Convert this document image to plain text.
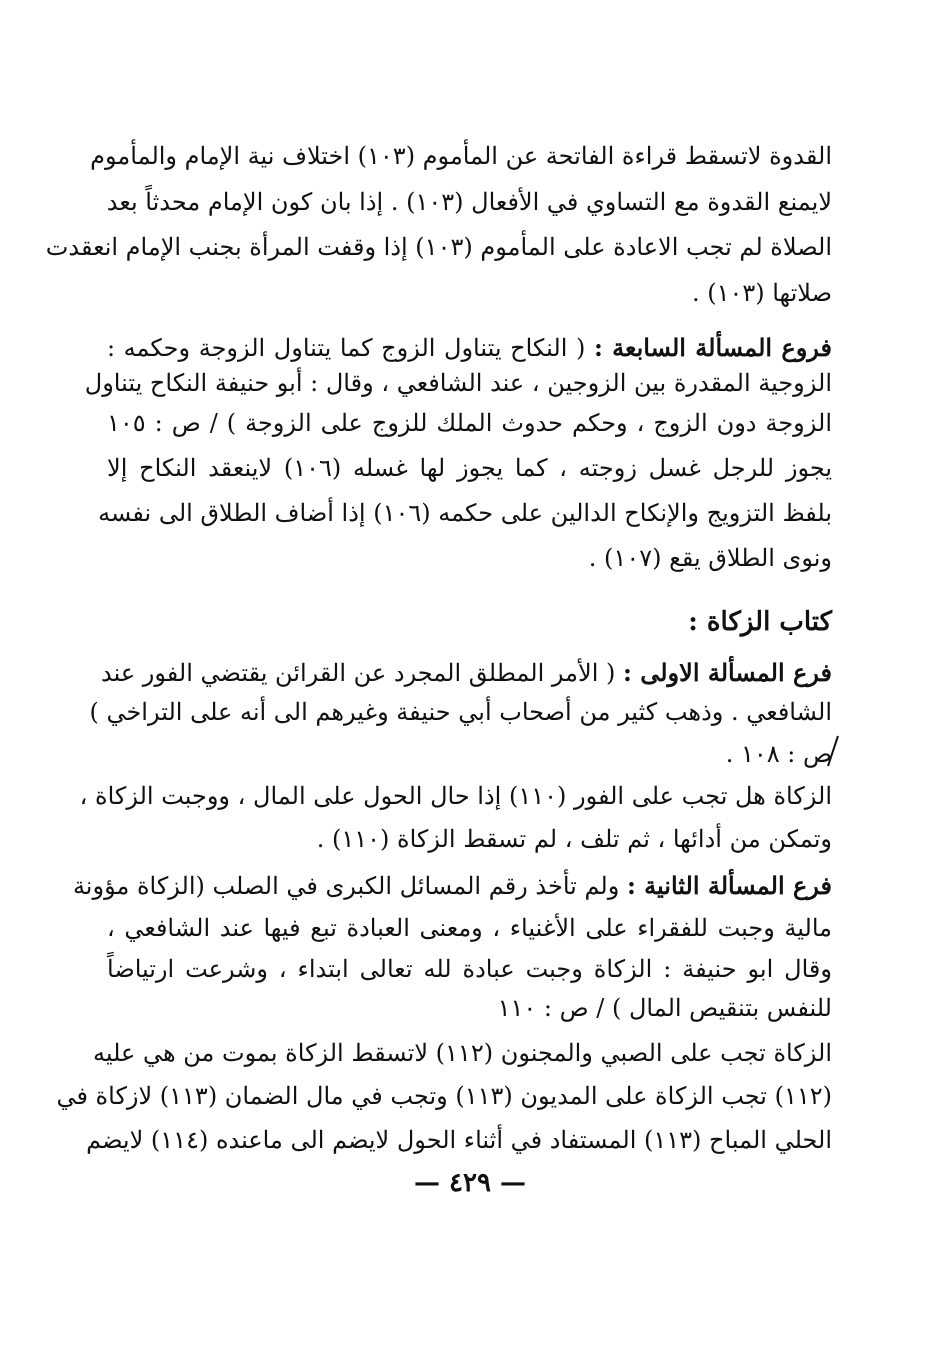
القدوة لاتسقط قراءة الفاتحة عن المأموم (١٠٣) اختلاف نية الإمام والمأموم
لايمنع القدوة مع التساوي في الأفعال (١٠٣) . إذا بان كون الإمام محدثاً بعد
الصلاة لم تجب الاعادة على المأموم (١٠٣) إذا وقفت المرأة بجنب الإمام انعقدت
صلاتها (١٠٣) .
فروع المسألة السابعة : ( النكاح يتناول الزوج كما يتناول الزوجة وحكمه :
الزوجية المقدرة بين الزوجين ، عند الشافعي ، وقال : أبو حنيفة النكاح يتناول
الزوجة دون الزوج ، وحكم حدوث الملك للزوج على الزوجة ) / ص : ١٠٥
يجوز للرجل غسل زوجته ، كما يجوز لها غسله (١٠٦) لاينعقد النكاح إلا
بلفظ التزويج والإنكاح الدالين على حكمه (١٠٦) إذا أضاف الطلاق الى نفسه
ونوى الطلاق يقع (١٠٧) .
كتاب الزكاة :
فرع المسألة الاولى : ( الأمر المطلق المجرد عن القرائن يقتضي الفور عند
الشافعي . وذهب كثير من أصحاب أبي حنيفة وغيرهم الى أنه على التراخي )
ص : ١٠٨ .
الزكاة هل تجب على الفور (١١٠) إذا حال الحول على المال ، ووجبت الزكاة ،
وتمكن من أدائها ، ثم تلف ، لم تسقط الزكاة (١١٠) .
فرع المسألة الثانية : ولم تأخذ رقم المسائل الكبرى في الصلب (الزكاة مؤونة
مالية وجبت للفقراء على الأغنياء ، ومعنى العبادة تبع فيها عند الشافعي ،
وقال ابو حنيفة : الزكاة وجبت عبادة لله تعالى ابتداء ، وشرعت ارتياضاً
للنفس بتنقيص المال ) / ص : ١١٠
الزكاة تجب على الصبي والمجنون (١١٢) لاتسقط الزكاة بموت من هي عليه
(١١٢) تجب الزكاة على المديون (١١٣) وتجب في مال الضمان (١١٣) لازكاة في
الحلي المباح (١١٣) المستفاد في أثناء الحول لايضم الى ماعنده (١١٤) لايضم
— ٤٢٩ —
